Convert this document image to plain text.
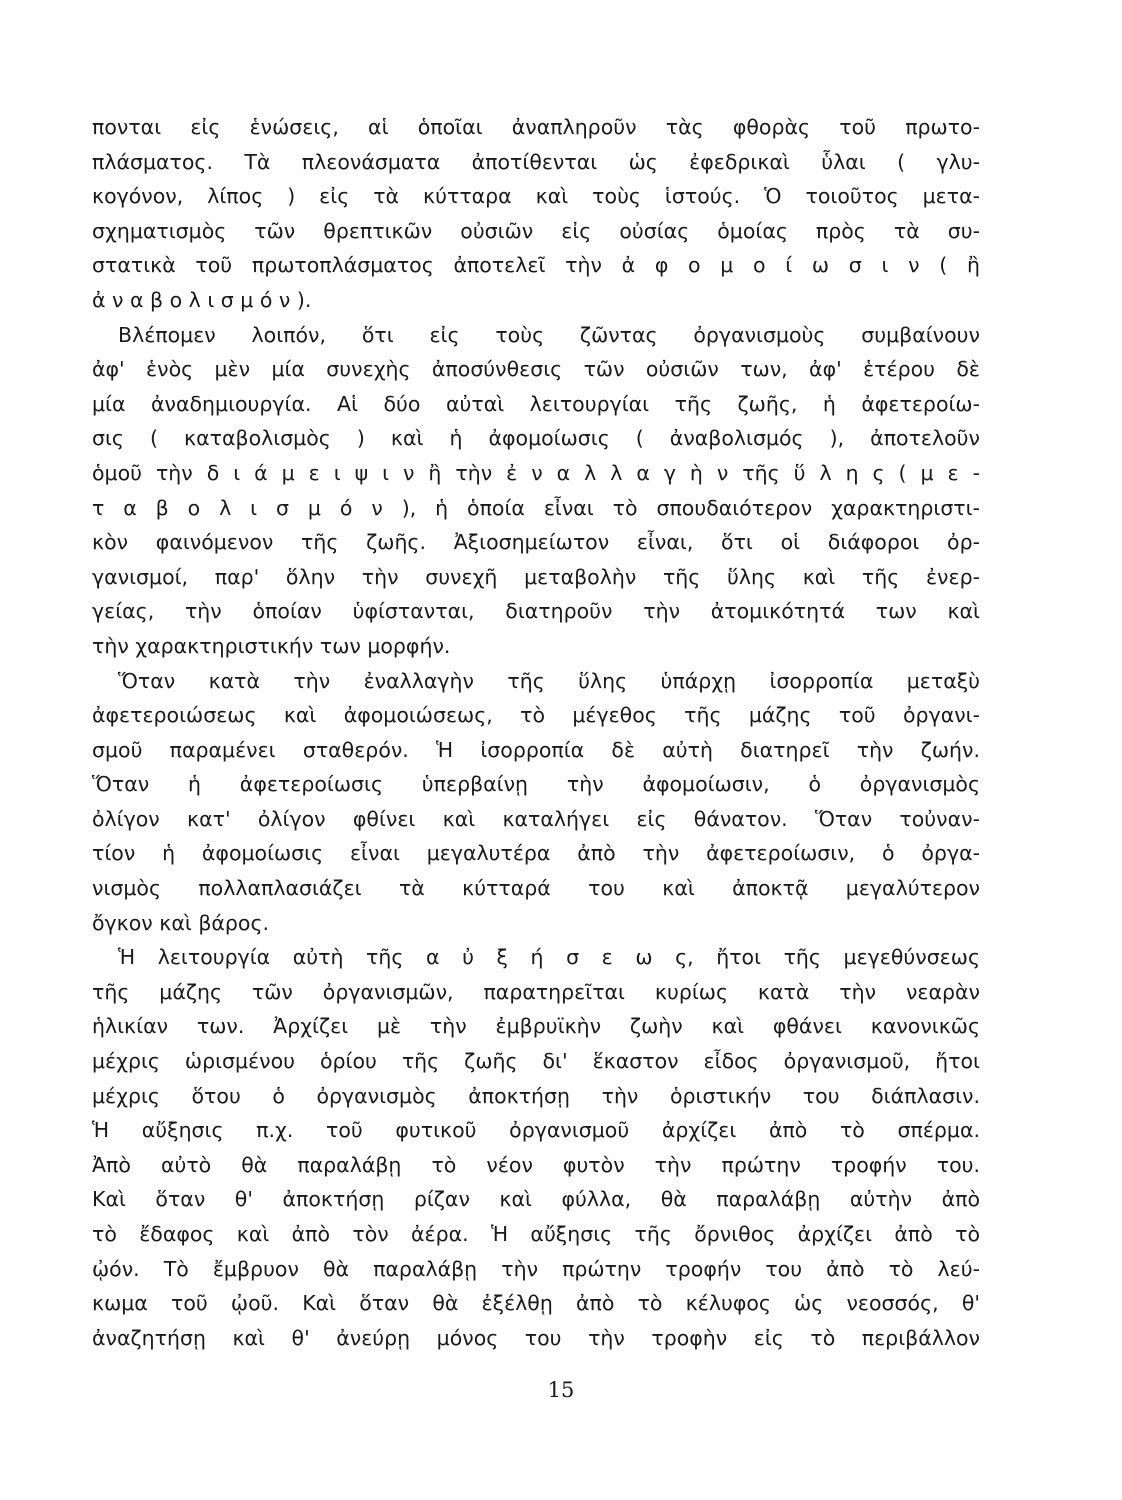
πονται εἰς ἑνώσεις, αἱ ὁποῖαι ἀναπληροῦν τὰς φθορὰς τοῦ πρωτο-
πλάσματος. Τὰ πλεονάσματα ἀποτίθενται ὡς ἐφεδρικαὶ ὗλαι ( γλυ-
κογόνον, λίπος ) εἰς τὰ κύτταρα καὶ τοὺς ἱστούς. Ὁ τοιοῦτος μετα-
σχηματισμὸς τῶν θρεπτικῶν οὐσιῶν εἰς οὐσίας ὁμοίας πρὸς τὰ συ-
στατικὰ τοῦ πρωτοπλάσματος ἀποτελεῖ τὴν ἀ φ ο μ ο ί ω σ ι ν ( ἢ
ἀ ν α β ο λ ι σ μ ό ν ).
Βλέπομεν λοιπόν, ὅτι εἰς τοὺς ζῶντας ὀργανισμοὺς συμβαίνουν
ἀφ' ἑνὸς μὲν μία συνεχὴς ἀποσύνθεσις τῶν οὐσιῶν των, ἀφ' ἑτέρου δὲ
μία ἀναδημιουργία. Αἱ δύο αὐταὶ λειτουργίαι τῆς ζωῆς, ἡ ἀφετεροίω-
σις ( καταβολισμὸς ) καὶ ἡ ἀφομοίωσις ( ἀναβολισμός ), ἀποτελοῦν
ὁμοῦ τὴν δ ι ά μ ε ι ψ ι ν ἢ τὴν ἐ ν α λ λ α γ ὴ ν τῆς ὕ λ η ς ( μ ε -
τ α β ο λ ι σ μ ό ν ), ἡ ὁποία εἶναι τὸ σπουδαιότερον χαρακτηριστι-
κὸν φαινόμενον τῆς ζωῆς. Ἀξιοσημείωτον εἶναι, ὅτι οἱ διάφοροι ὀρ-
γανισμοί, παρ' ὅλην τὴν συνεχῆ μεταβολὴν τῆς ὕλης καὶ τῆς ἐνερ-
γείας, τὴν ὁποίαν ὑφίστανται, διατηροῦν τὴν ἀτομικότητά των καὶ
τὴν χαρακτηριστικήν των μορφήν.
Ὅταν κατὰ τὴν ἐναλλαγὴν τῆς ὕλης ὑπάρχῃ ἰσορροπία μεταξὺ
ἀφετεροιώσεως καὶ ἀφομοιώσεως, τὸ μέγεθος τῆς μάζης τοῦ ὀργανι-
σμοῦ παραμένει σταθερόν. Ἡ ἰσορροπία δὲ αὐτὴ διατηρεῖ τὴν ζωήν.
Ὅταν ἡ ἀφετεροίωσις ὑπερβαίνῃ τὴν ἀφομοίωσιν, ὁ ὀργανισμὸς
ὀλίγον κατ' ὀλίγον φθίνει καὶ καταλήγει εἰς θάνατον. Ὅταν τοὐναν-
τίον ἡ ἀφομοίωσις εἶναι μεγαλυτέρα ἀπὸ τὴν ἀφετεροίωσιν, ὁ ὀργα-
νισμὸς πολλαπλασιάζει τὰ κύτταρά του καὶ ἀποκτᾷ μεγαλύτερον
ὄγκον καὶ βάρος.
Ἡ λειτουργία αὐτὴ τῆς α ὐ ξ ή σ ε ω ς, ἤτοι τῆς μεγεθύνσεως
τῆς μάζης τῶν ὀργανισμῶν, παρατηρεῖται κυρίως κατὰ τὴν νεαρὰν
ἡλικίαν των. Ἀρχίζει μὲ τὴν ἐμβρυϊκὴν ζωὴν καὶ φθάνει κανονικῶς
μέχρις ὡρισμένου ὁρίου τῆς ζωῆς δι' ἕκαστον εἶδος ὀργανισμοῦ, ἤτοι
μέχρις ὅτου ὁ ὀργανισμὸς ἀποκτήσῃ τὴν ὁριστικήν του διάπλασιν.
Ἡ αὔξησις π.χ. τοῦ φυτικοῦ ὀργανισμοῦ ἀρχίζει ἀπὸ τὸ σπέρμα.
Ἀπὸ αὐτὸ θὰ παραλάβῃ τὸ νέον φυτὸν τὴν πρώτην τροφήν του.
Καὶ ὅταν θ' ἀποκτήσῃ ρίζαν καὶ φύλλα, θὰ παραλάβῃ αὐτὴν ἀπὸ
τὸ ἔδαφος καὶ ἀπὸ τὸν ἀέρα. Ἡ αὔξησις τῆς ὄρνιθος ἀρχίζει ἀπὸ τὸ
ᾠόν. Τὸ ἔμβρυον θὰ παραλάβῃ τὴν πρώτην τροφήν του ἀπὸ τὸ λεύ-
κωμα τοῦ ᾠοῦ. Καὶ ὅταν θὰ ἐξέλθῃ ἀπὸ τὸ κέλυφος ὡς νεοσσός, θ'
ἀναζητήσῃ καὶ θ' ἀνεύρῃ μόνος του τὴν τροφὴν εἰς τὸ περιβάλλον
15
